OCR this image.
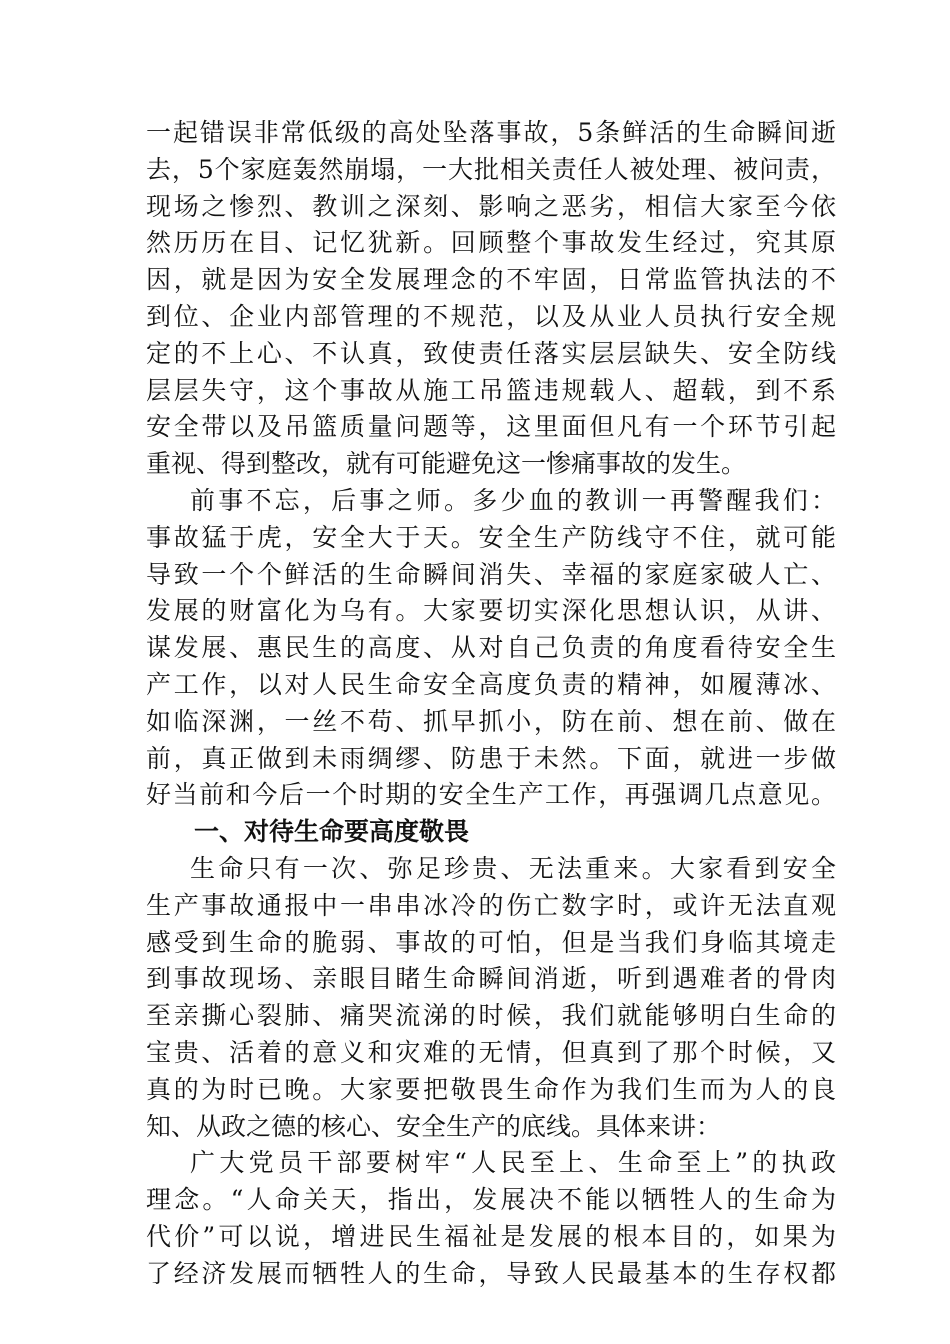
一起错误非常低级的高处坠落事故，5条鲜活的生命瞬间逝
去，5个家庭轰然崩塌，一大批相关责任人被处理、被问责，
现场之惨烈、教训之深刻、影响之恶劣，相信大家至今依
然历历在目、记忆犹新。回顾整个事故发生经过，究其原
因，就是因为安全发展理念的不牢固，日常监管执法的不
到位、企业内部管理的不规范，以及从业人员执行安全规
定的不上心、不认真，致使责任落实层层缺失、安全防线
层层失守，这个事故从施工吊篮违规载人、超载，到不系
安全带以及吊篮质量问题等，这里面但凡有一个环节引起
重视、得到整改，就有可能避免这一惨痛事故的发生。
前事不忘，后事之师。多少血的教训一再警醒我们：
事故猛于虎，安全大于天。安全生产防线守不住，就可能
导致一个个鲜活的生命瞬间消失、幸福的家庭家破人亡、
发展的财富化为乌有。大家要切实深化思想认识，从讲、
谋发展、惠民生的高度、从对自己负责的角度看待安全生
产工作，以对人民生命安全高度负责的精神，如履薄冰、
如临深渊，一丝不苟、抓早抓小，防在前、想在前、做在
前，真正做到未雨绸缪、防患于未然。下面，就进一步做
好当前和今后一个时期的安全生产工作，再强调几点意见。
一、对待生命要高度敬畏
生命只有一次、弥足珍贵、无法重来。大家看到安全
生产事故通报中一串串冰冷的伤亡数字时，或许无法直观
感受到生命的脆弱、事故的可怕，但是当我们身临其境走
到事故现场、亲眼目睹生命瞬间消逝，听到遇难者的骨肉
至亲撕心裂肺、痛哭流涕的时候，我们就能够明白生命的
宝贵、活着的意义和灾难的无情，但真到了那个时候，又
真的为时已晚。大家要把敬畏生命作为我们生而为人的良
知、从政之德的核心、安全生产的底线。具体来讲：
广大党员干部要树牢“人民至上、生命至上”的执政
理念。“人命关天，指出，发展决不能以牺牲人的生命为
代价”可以说，增进民生福祉是发展的根本目的，如果为
了经济发展而牺牲人的生命，导致人民最基本的生存权都
